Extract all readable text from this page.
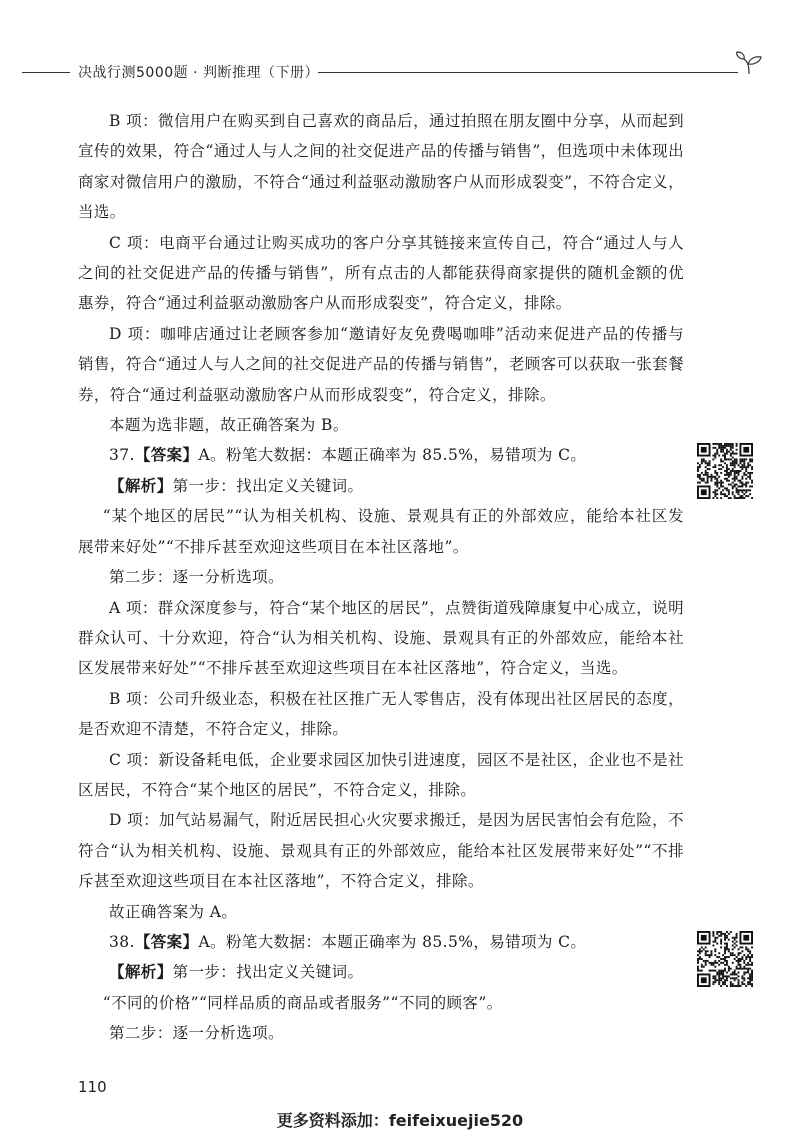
决战行测5000题 · 判断推理（下册）

B 项：微信用户在购买到自己喜欢的商品后，通过拍照在朋友圈中分享，从而起到宣传的效果，符合“通过人与人之间的社交促进产品的传播与销售”，但选项中未体现出商家对微信用户的激励，不符合“通过利益驱动激励客户从而形成裂变”，不符合定义，当选。

C 项：电商平台通过让购买成功的客户分享其链接来宣传自己，符合“通过人与人之间的社交促进产品的传播与销售”，所有点击的人都能获得商家提供的随机金额的优惠券，符合“通过利益驱动激励客户从而形成裂变”，符合定义，排除。

D 项：咖啡店通过让老顾客参加“邀请好友免费喝咖啡”活动来促进产品的传播与销售，符合“通过人与人之间的社交促进产品的传播与销售”，老顾客可以获取一张套餐券，符合“通过利益驱动激励客户从而形成裂变”，符合定义，排除。

本题为选非题，故正确答案为 B。

37.【答案】A。粉笔大数据：本题正确率为 85.5%，易错项为 C。

【解析】第一步：找出定义关键词。

“某个地区的居民”“认为相关机构、设施、景观具有正的外部效应，能给本社区发展带来好处”“不排斥甚至欢迎这些项目在本社区落地”。

第二步：逐一分析选项。

A 项：群众深度参与，符合“某个地区的居民”，点赞街道残障康复中心成立，说明群众认可、十分欢迎，符合“认为相关机构、设施、景观具有正的外部效应，能给本社区发展带来好处”“不排斥甚至欢迎这些项目在本社区落地”，符合定义，当选。

B 项：公司升级业态，积极在社区推广无人零售店，没有体现出社区居民的态度，是否欢迎不清楚，不符合定义，排除。

C 项：新设备耗电低，企业要求园区加快引进速度，园区不是社区，企业也不是社区居民，不符合“某个地区的居民”，不符合定义，排除。

D 项：加气站易漏气，附近居民担心火灾要求搬迁，是因为居民害怕会有危险，不符合“认为相关机构、设施、景观具有正的外部效应，能给本社区发展带来好处”“不排斥甚至欢迎这些项目在本社区落地”，不符合定义，排除。

故正确答案为 A。

38.【答案】A。粉笔大数据：本题正确率为 85.5%，易错项为 C。

【解析】第一步：找出定义关键词。

“不同的价格”“同样品质的商品或者服务”“不同的顾客”。

第二步：逐一分析选项。

110
更多资料添加：feifeixuejie520
